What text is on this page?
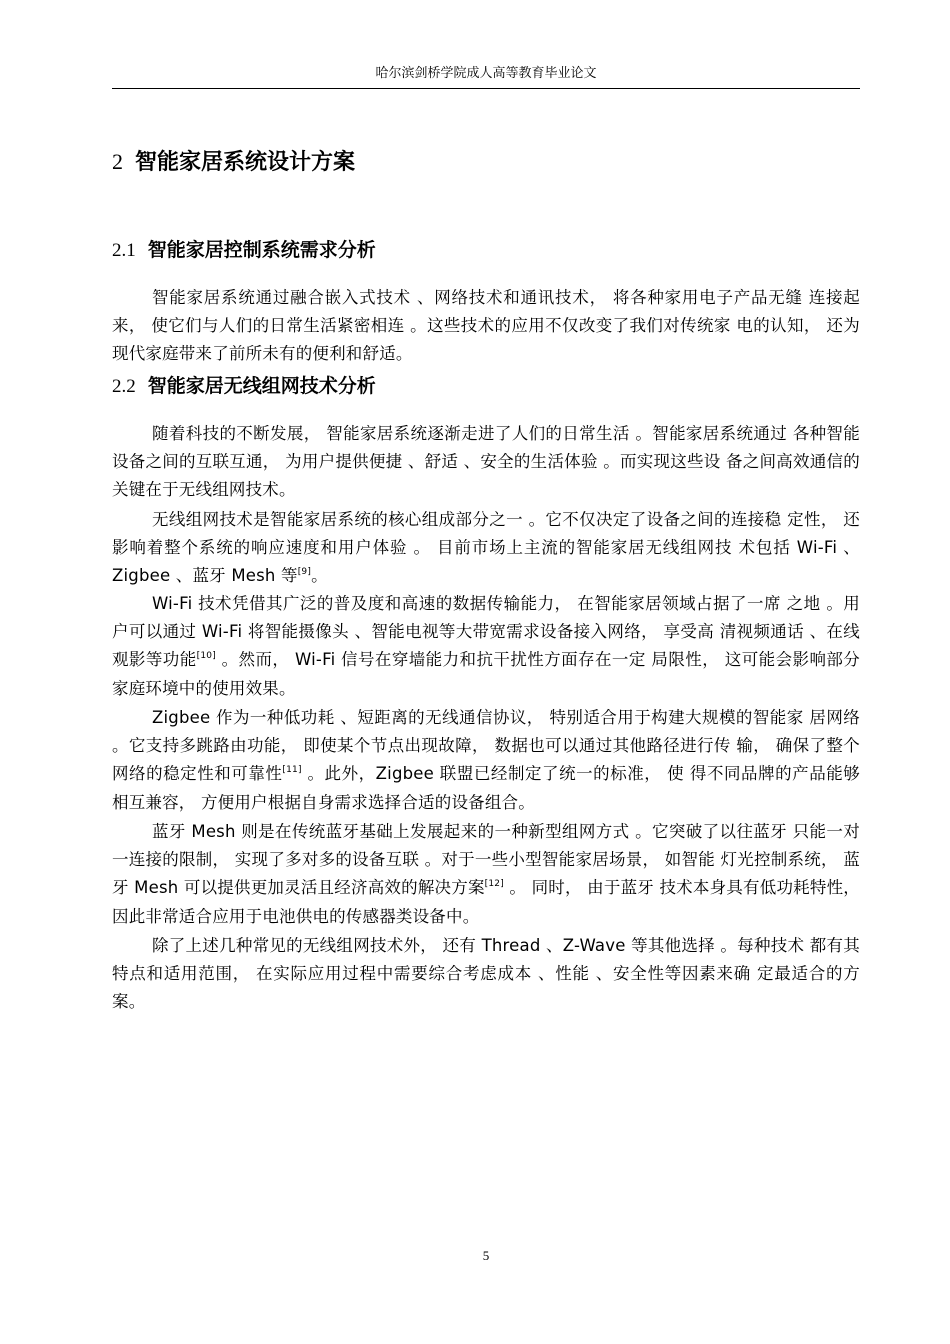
哈尔滨剑桥学院成人高等教育毕业论文
2 智能家居系统设计方案
2.1 智能家居控制系统需求分析

智能家居系统通过融合嵌入式技术 、网络技术和通讯技术， 将各种家用电子产品无缝 连接起来， 使它们与人们的日常生活紧密相连 。这些技术的应用不仅改变了我们对传统家 电的认知， 还为现代家庭带来了前所未有的便利和舒适。

2.2 智能家居无线组网技术分析

随着科技的不断发展， 智能家居系统逐渐走进了人们的日常生活 。智能家居系统通过 各种智能设备之间的互联互通， 为用户提供便捷 、舒适 、安全的生活体验 。而实现这些设 备之间高效通信的关键在于无线组网技术。

无线组网技术是智能家居系统的核心组成部分之一 。它不仅决定了设备之间的连接稳 定性， 还影响着整个系统的响应速度和用户体验 。 目前市场上主流的智能家居无线组网技 术包括 Wi-Fi 、Zigbee 、蓝牙 Mesh 等[9]。

Wi-Fi 技术凭借其广泛的普及度和高速的数据传输能力， 在智能家居领域占据了一席 之地 。用户可以通过 Wi-Fi 将智能摄像头 、智能电视等大带宽需求设备接入网络， 享受高 清视频通话 、在线观影等功能[10] 。然而， Wi-Fi 信号在穿墙能力和抗干扰性方面存在一定 局限性， 这可能会影响部分家庭环境中的使用效果。

Zigbee 作为一种低功耗 、短距离的无线通信协议， 特别适合用于构建大规模的智能家 居网络 。它支持多跳路由功能， 即使某个节点出现故障， 数据也可以通过其他路径进行传 输， 确保了整个网络的稳定性和可靠性[11] 。此外，Zigbee 联盟已经制定了统一的标准， 使 得不同品牌的产品能够相互兼容， 方便用户根据自身需求选择合适的设备组合。

蓝牙 Mesh 则是在传统蓝牙基础上发展起来的一种新型组网方式 。它突破了以往蓝牙 只能一对一连接的限制， 实现了多对多的设备互联 。对于一些小型智能家居场景， 如智能 灯光控制系统， 蓝牙 Mesh 可以提供更加灵活且经济高效的解决方案[12] 。 同时， 由于蓝牙 技术本身具有低功耗特性， 因此非常适合应用于电池供电的传感器类设备中。

除了上述几种常见的无线组网技术外， 还有 Thread 、Z-Wave 等其他选择 。每种技术 都有其特点和适用范围， 在实际应用过程中需要综合考虑成本 、性能 、安全性等因素来确 定最适合的方案。

5
